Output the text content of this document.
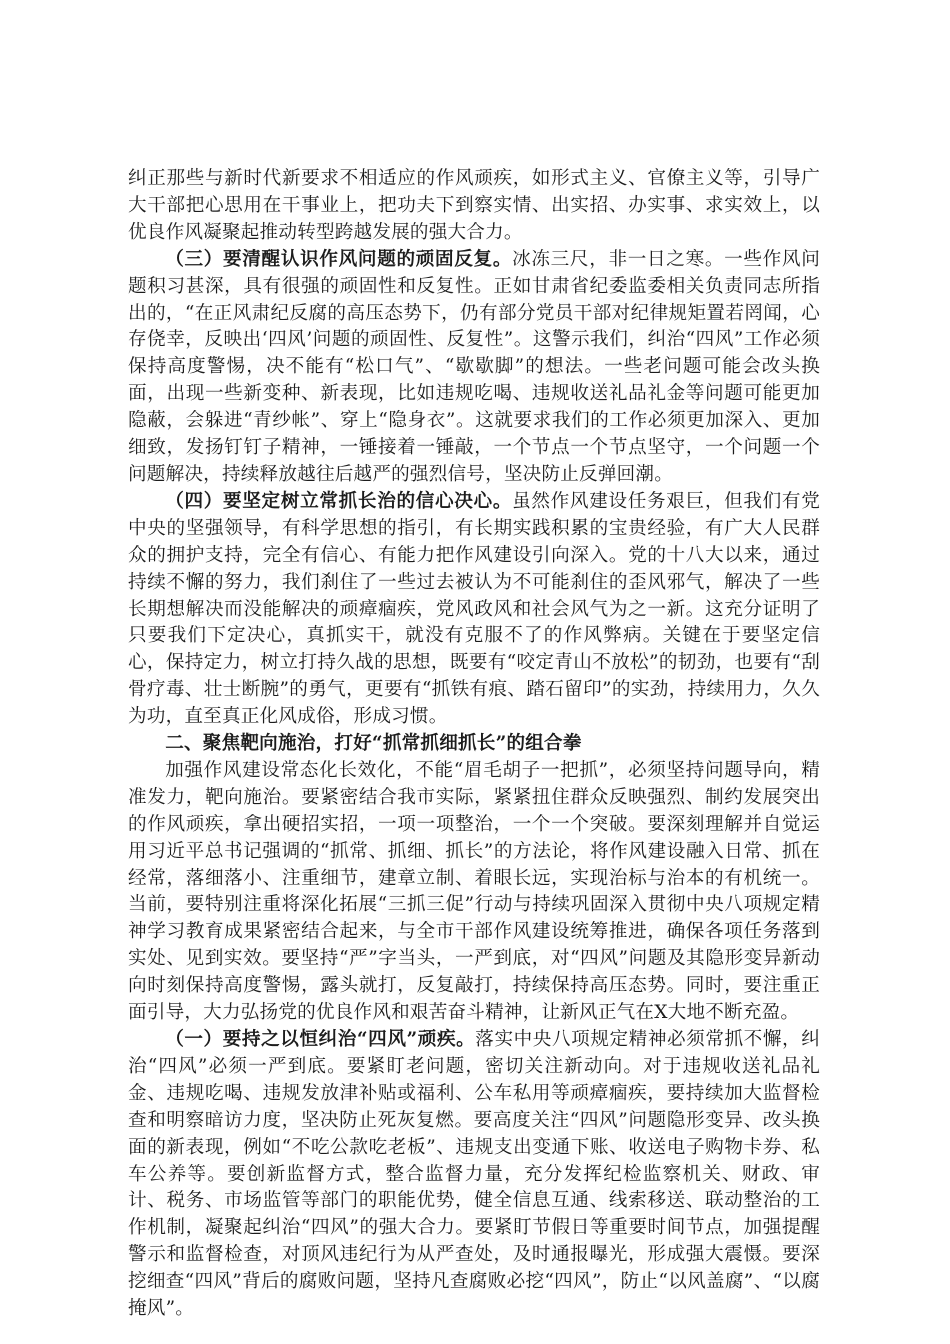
纠正那些与新时代新要求不相适应的作风顽疾，如形式主义、官僚主义等，引导广大干部把心思用在干事业上，把功夫下到察实情、出实招、办实事、求实效上，以优良作风凝聚起推动转型跨越发展的强大合力。

（三）要清醒认识作风问题的顽固反复。冰冻三尺，非一日之寒。一些作风问题积习甚深，具有很强的顽固性和反复性。正如甘肃省纪委监委相关负责同志所指出的，“在正风肃纪反腐的高压态势下，仍有部分党员干部对纪律规矩置若罔闻，心存侥幸，反映出‘四风’问题的顽固性、反复性”。这警示我们，纠治“四风”工作必须保持高度警惕，决不能有“松口气”、“歇歇脚”的想法。一些老问题可能会改头换面，出现一些新变种、新表现，比如违规吃喝、违规收送礼品礼金等问题可能更加隐蔽，会躲进“青纱帐”、穿上“隐身衣”。这就要求我们的工作必须更加深入、更加细致，发扬钉钉子精神，一锤接着一锤敲，一个节点一个节点坚守，一个问题一个问题解决，持续释放越往后越严的强烈信号，坚决防止反弹回潮。

（四）要坚定树立常抓长治的信心决心。虽然作风建设任务艰巨，但我们有党中央的坚强领导，有科学思想的指引，有长期实践积累的宝贵经验，有广大人民群众的拥护支持，完全有信心、有能力把作风建设引向深入。党的十八大以来，通过持续不懈的努力，我们刹住了一些过去被认为不可能刹住的歪风邪气，解决了一些长期想解决而没能解决的顽瘴痼疾，党风政风和社会风气为之一新。这充分证明了只要我们下定决心，真抓实干，就没有克服不了的作风弊病。关键在于要坚定信心，保持定力，树立打持久战的思想，既要有“咬定青山不放松”的韧劲，也要有“刮骨疗毒、壮士断腕”的勇气，更要有“抓铁有痕、踏石留印”的实劲，持续用力，久久为功，直至真正化风成俗，形成习惯。

二、聚焦靶向施治，打好“抓常抓细抓长”的组合拳

加强作风建设常态化长效化，不能“眉毛胡子一把抓”，必须坚持问题导向，精准发力，靶向施治。要紧密结合我市实际，紧紧扭住群众反映强烈、制约发展突出的作风顽疾，拿出硬招实招，一项一项整治，一个一个突破。要深刻理解并自觉运用习近平总书记强调的“抓常、抓细、抓长”的方法论，将作风建设融入日常、抓在经常，落细落小、注重细节，建章立制、着眼长远，实现治标与治本的有机统一。当前，要特别注重将深化拓展“三抓三促”行动与持续巩固深入贯彻中央八项规定精神学习教育成果紧密结合起来，与全市干部作风建设统筹推进，确保各项任务落到实处、见到实效。要坚持“严”字当头，一严到底，对“四风”问题及其隐形变异新动向时刻保持高度警惕，露头就打，反复敲打，持续保持高压态势。同时，要注重正面引导，大力弘扬党的优良作风和艰苦奋斗精神，让新风正气在X大地不断充盈。

（一）要持之以恒纠治“四风”顽疾。落实中央八项规定精神必须常抓不懈，纠治“四风”必须一严到底。要紧盯老问题，密切关注新动向。对于违规收送礼品礼金、违规吃喝、违规发放津补贴或福利、公车私用等顽瘴痼疾，要持续加大监督检查和明察暗访力度，坚决防止死灰复燃。要高度关注“四风”问题隐形变异、改头换面的新表现，例如“不吃公款吃老板”、违规支出变通下账、收送电子购物卡券、私车公养等。要创新监督方式，整合监督力量，充分发挥纪检监察机关、财政、审计、税务、市场监管等部门的职能优势，健全信息互通、线索移送、联动整治的工作机制，凝聚起纠治“四风”的强大合力。要紧盯节假日等重要时间节点，加强提醒警示和监督检查，对顶风违纪行为从严查处，及时通报曝光，形成强大震慑。要深挖细查“四风”背后的腐败问题，坚持凡查腐败必挖“四风”，防止“以风盖腐”、“以腐掩风”。
